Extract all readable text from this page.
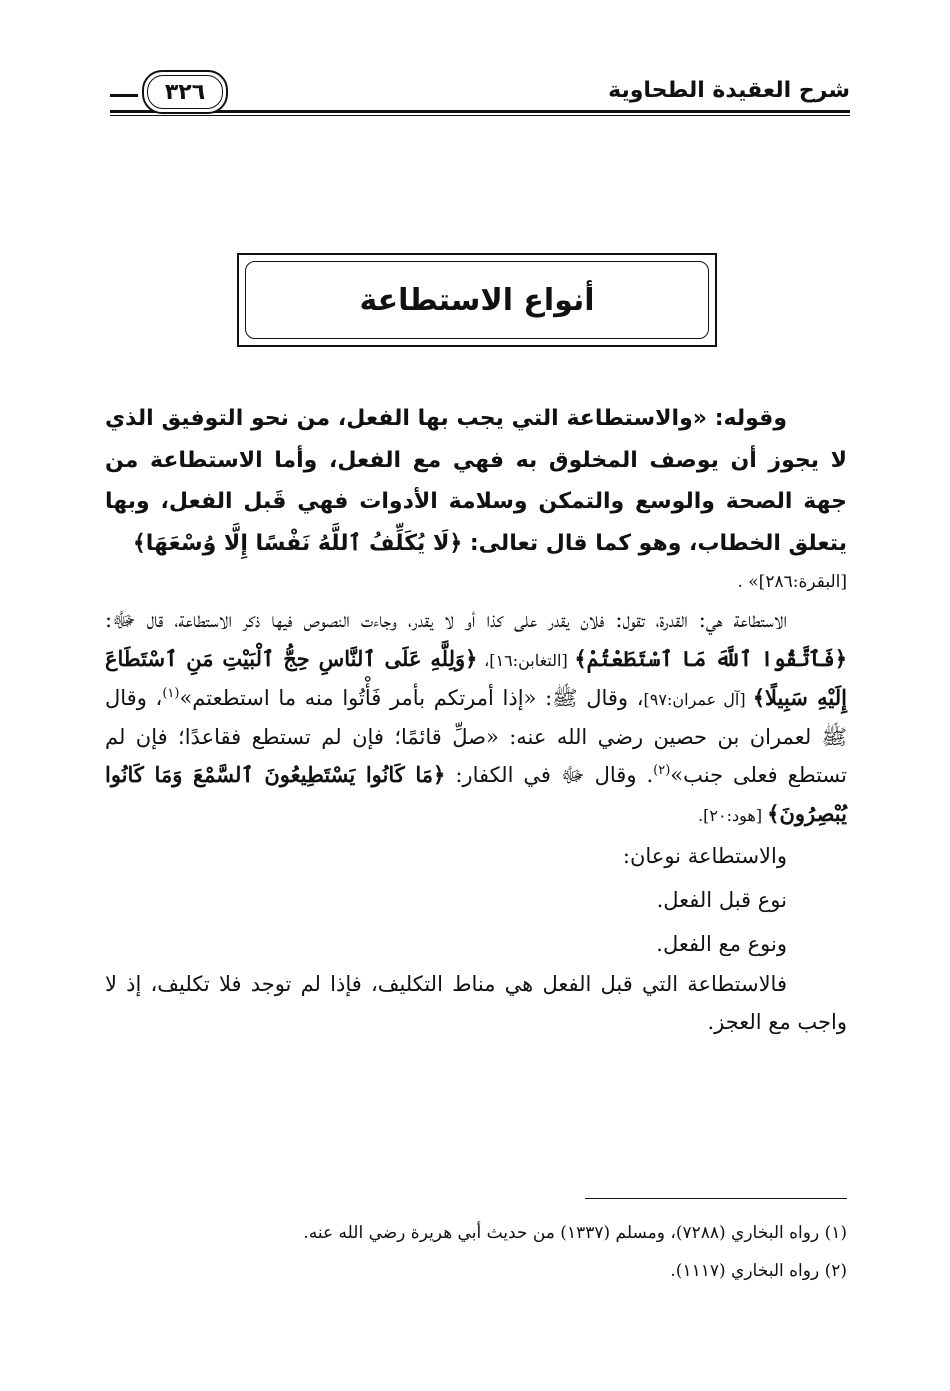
٣٢٦	شرح العقيدة الطحاوية
أنواع الاستطاعة

وقوله: «والاستطاعة التي يجب بها الفعل، من نحو التوفيق الذي لا يجوز أن يوصف المخلوق به فهي مع الفعل، وأما الاستطاعة من جهة الصحة والوسع والتمكن وسلامة الأدوات فهي قَبل الفعل، وبها يتعلق الخطاب، وهو كما قال تعالى: ﴿لَا يُكَلِّفُ ٱللَّهُ نَفْسًا إِلَّا وُسْعَهَا﴾

[البقرة:٢٨٦]» .

الاستطاعة هي: القدرة، تقول: فلان يقدر على كذا أو لا يقدر، وجاءت النصوص فيها ذكر الاستطاعة، قال ﷻ: ﴿فَٱتَّقُوا ٱللَّهَ مَا ٱسْتَطَعْتُمْ﴾ [التغابن:١٦]، ﴿وَلِلَّهِ عَلَى ٱلنَّاسِ حِجُّ ٱلْبَيْتِ مَنِ ٱسْتَطَاعَ إِلَيْهِ سَبِيلًا﴾ [آل عمران:٩٧]، وقال ﷺ: «إذا أمرتكم بأمر فَأْتُوا منه ما استطعتم»$^{(١)}$، وقال ﷺ لعمران بن حصين رضي الله عنه: «صلِّ قائمًا؛ فإن لم تستطع فقاعدًا؛ فإن لم تستطع فعلى جنب»$^{(٢)}$. وقال ﷻ في الكفار: ﴿مَا كَانُوا يَسْتَطِيعُونَ ٱلسَّمْعَ وَمَا كَانُوا يُبْصِرُونَ﴾ [هود:٢٠].

والاستطاعة نوعان:

نوع قبل الفعل.

ونوع مع الفعل.

فالاستطاعة التي قبل الفعل هي مناط التكليف، فإذا لم توجد فلا تكليف، إذ لا واجب مع العجز.

(١) رواه البخاري (٧٢٨٨)، ومسلم (١٣٣٧) من حديث أبي هريرة رضي الله عنه.
(٢) رواه البخاري (١١١٧).
